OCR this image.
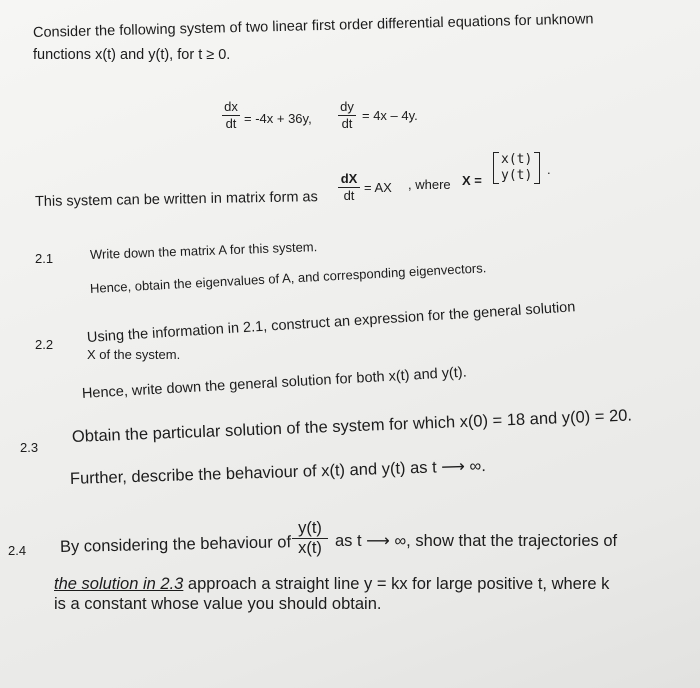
Consider the following system of two linear first order differential equations for unknown
functions x(t) and y(t), for t ≥ 0.
dx
dt = -4x + 36y,
dy
dt
= 4x – 4y.
This system can be written in matrix form as
dX
dt
= AX , where X =
x(t)
y(t) .
2.1	Write down the matrix A for this system.
Hence, obtain the eigenvalues of A, and corresponding eigenvectors.
2.2 Using the information in 2.1, construct an expression for the general solution
X of the system.
Hence, write down the general solution for both x(t) and y(t).
2.3
Obtain the particular solution of the system for which x(0) = 18 and y(0) = 20.
Further, describe the behaviour of x(t) and y(t) as t ⟶ ∞.
2.4 By considering the behaviour of
y(t)
x(t) as t ⟶ ∞, show that the trajectories of
the solution in 2.3 approach a straight line y = kx for large positive t, where k
is a constant whose value you should obtain.
